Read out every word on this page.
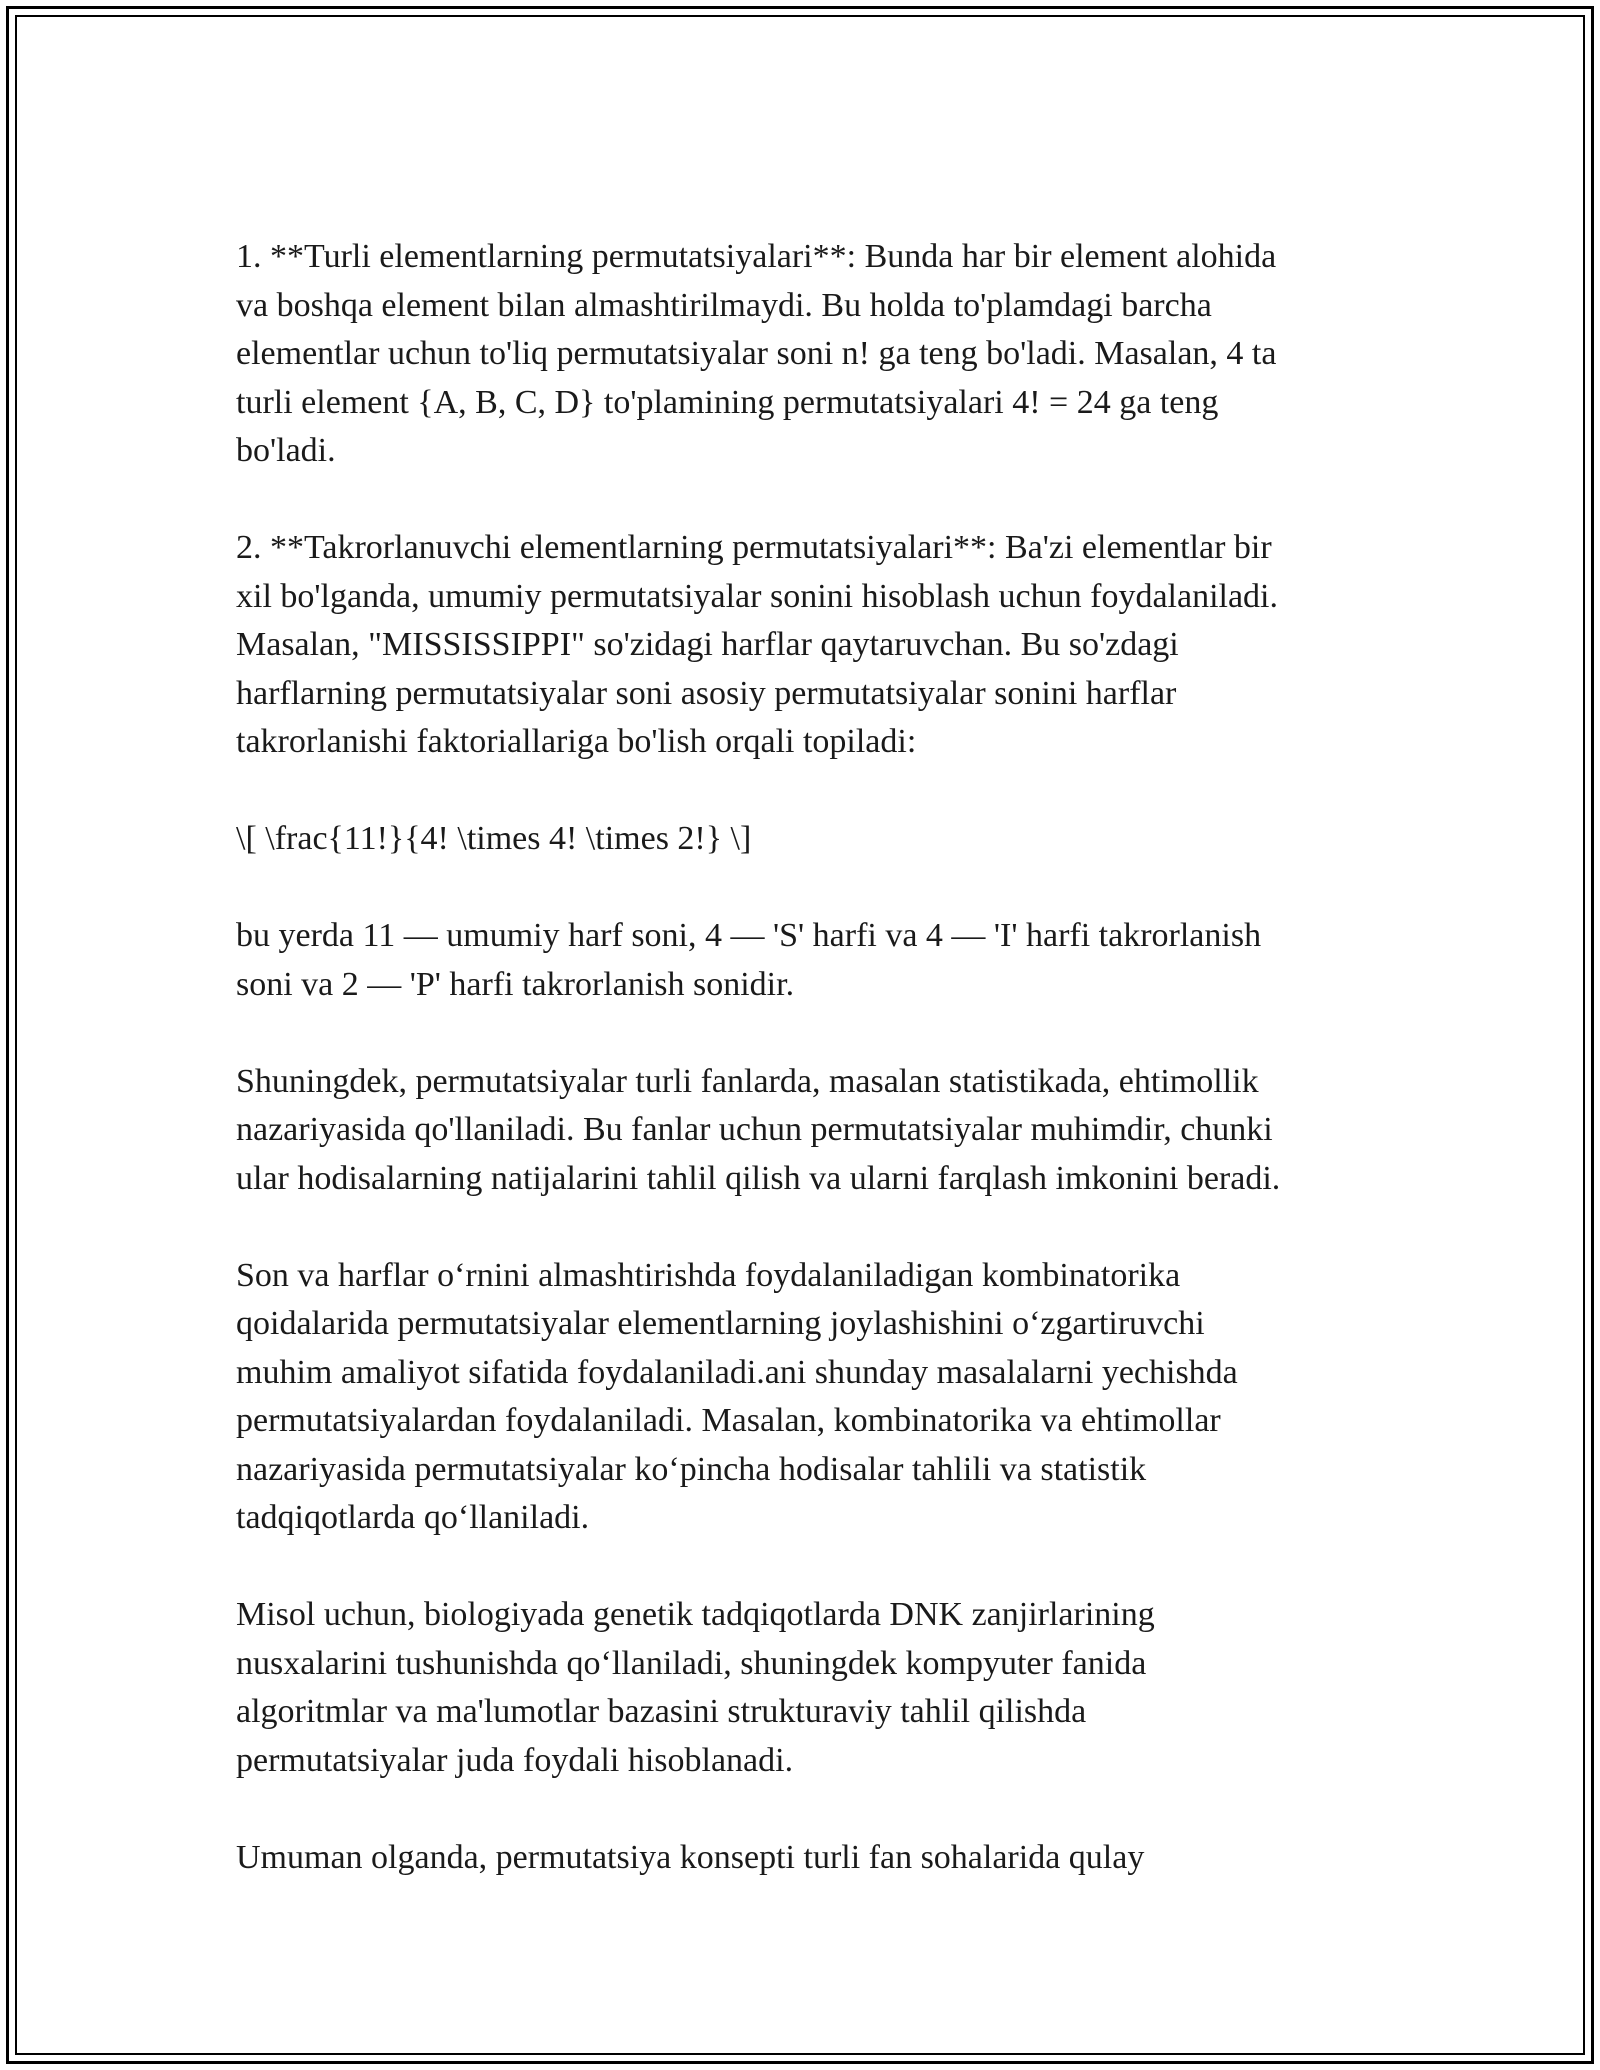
1. **Turli elementlarning permutatsiyalari**: Bunda har bir element alohida
va boshqa element bilan almashtirilmaydi. Bu holda to'plamdagi barcha
elementlar uchun to'liq permutatsiyalar soni n! ga teng bo'ladi. Masalan, 4 ta
turli element {A, B, C, D} to'plamining permutatsiyalari 4! = 24 ga teng
bo'ladi.

2. **Takrorlanuvchi elementlarning permutatsiyalari**: Ba'zi elementlar bir
xil bo'lganda, umumiy permutatsiyalar sonini hisoblash uchun foydalaniladi.
Masalan, "MISSISSIPPI" so'zidagi harflar qaytaruvchan. Bu so'zdagi
harflarning permutatsiyalar soni asosiy permutatsiyalar sonini harflar
takrorlanishi faktoriallariga bo'lish orqali topiladi:

\[ \frac{11!}{4! \times 4! \times 2!} \]

bu yerda 11 — umumiy harf soni, 4 — 'S' harfi va 4 — 'I' harfi takrorlanish
soni va 2 — 'P' harfi takrorlanish sonidir.

Shuningdek, permutatsiyalar turli fanlarda, masalan statistikada, ehtimollik
nazariyasida qo'llaniladi. Bu fanlar uchun permutatsiyalar muhimdir, chunki
ular hodisalarning natijalarini tahlil qilish va ularni farqlash imkonini beradi.

Son va harflar o‘rnini almashtirishda foydalaniladigan kombinatorika
qoidalarida permutatsiyalar elementlarning joylashishini o‘zgartiruvchi
muhim amaliyot sifatida foydalaniladi.ani shunday masalalarni yechishda
permutatsiyalardan foydalaniladi. Masalan, kombinatorika va ehtimollar
nazariyasida permutatsiyalar ko‘pincha hodisalar tahlili va statistik
tadqiqotlarda qo‘llaniladi.

Misol uchun, biologiyada genetik tadqiqotlarda DNK zanjirlarining
nusxalarini tushunishda qo‘llaniladi, shuningdek kompyuter fanida
algoritmlar va ma'lumotlar bazasini strukturaviy tahlil qilishda
permutatsiyalar juda foydali hisoblanadi.

Umuman olganda, permutatsiya konsepti turli fan sohalarida qulay
